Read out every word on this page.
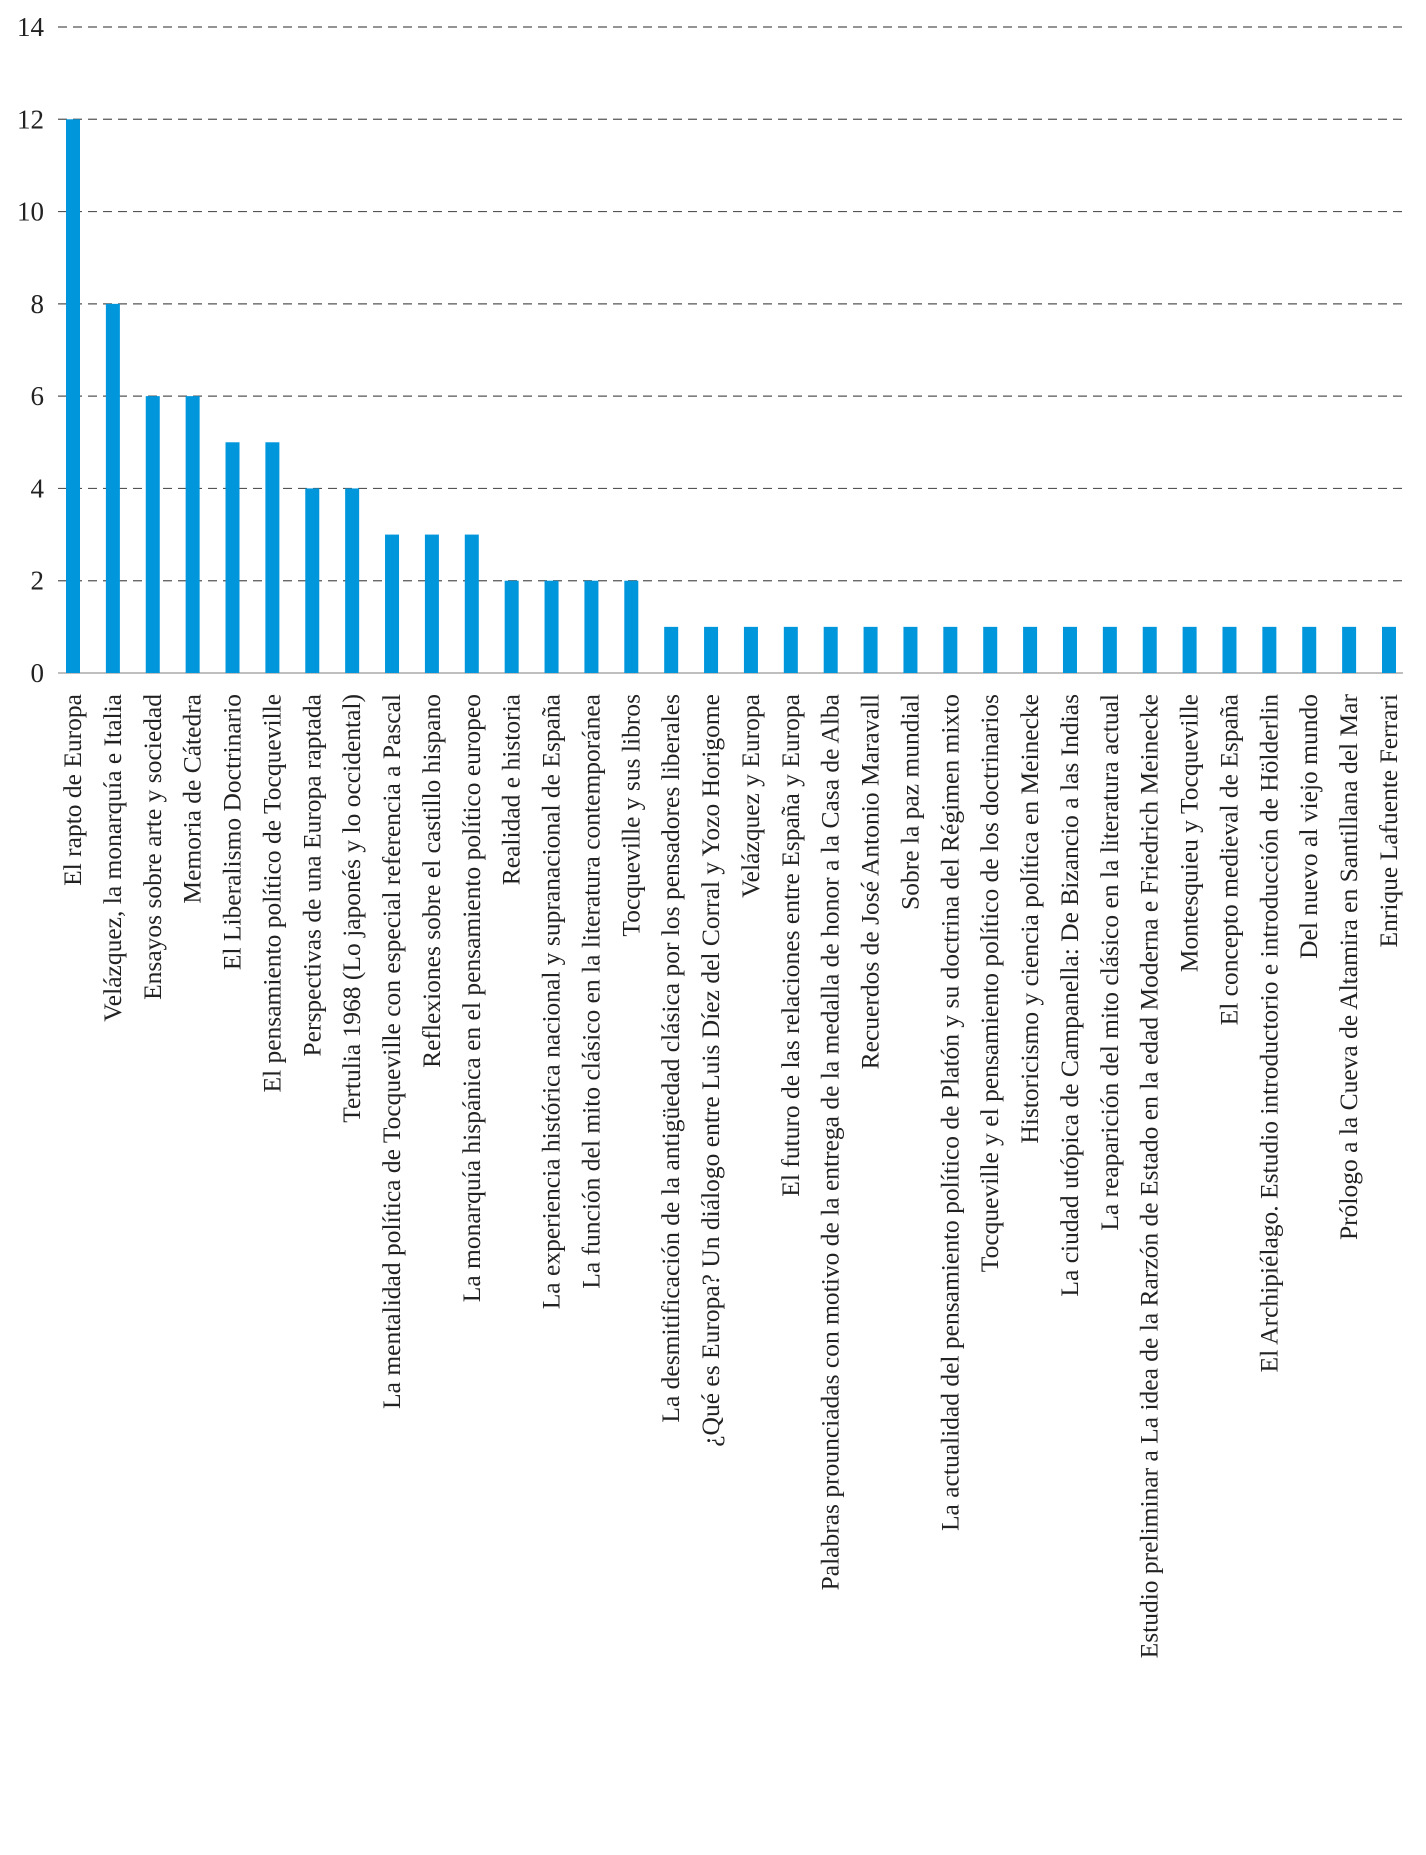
0
2
4
6
8
10
12
14
El rapto de Europa Velázquez, la monarquía e Italia Ensayos sobre arte y sociedad Memoria de Cátedra El Liberalismo Doctrinario El pensamiento político de Tocqueville Perspectivas de una Europa raptada Tertulia 1968 (Lo japonés y lo occidental) La mentalidad política de Tocqueville con especial referencia a Pascal Reflexiones sobre el castillo hispano La monarquía hispánica en el pensamiento político europeo Realidad e historia La experiencia histórica nacional y supranacional de España La función del mito clásico en la literatura contemporánea Tocqueville y sus libros La desmitificación de la antigüedad clásica por los pensadores liberales ¿Qué es Europa? Un diálogo entre Luis Díez del Corral y Yozo Horigome Velázquez y Europa El futuro de las relaciones entre España y Europa Palabras prounciadas con motivo de la entrega de la medalla de honor a la Casa de Alba Recuerdos de José Antonio Maravall Sobre la paz mundial La actualidad del pensamiento político de Platón y su doctrina del Régimen mixto Tocqueville y el pensamiento político de los doctrinarios Historicismo y ciencia política en Meinecke La ciudad utópica de Campanella: De Bizancio a las Indias La reaparición del mito clásico en la literatura actual Estudio preliminar a La idea de la Rarzón de Estado en la edad Moderna e Friedrich Meinecke Montesquieu y Tocqueville El concepto medieval de España El Archipiélago. Estudio introductorio e introducción de Hölderlin Del nuevo al viejo mundo Prólogo a la Cueva de Altamira en Santillana del Mar Enrique Lafuente Ferrari
